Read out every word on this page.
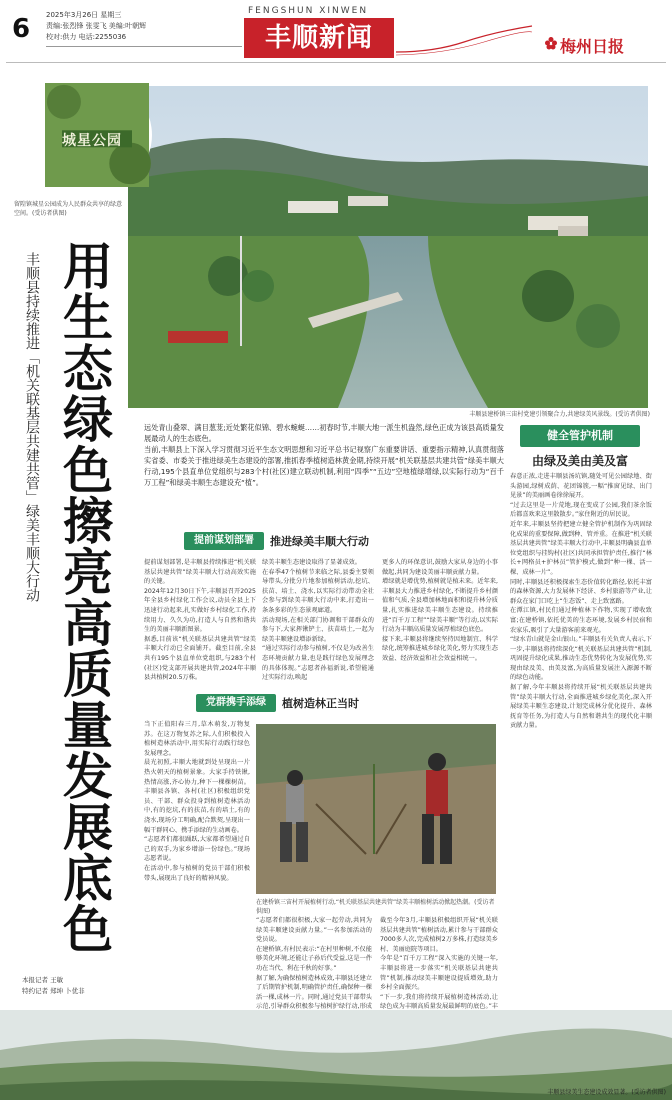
6 2025年3月26日 星期三
责编:张烈锋 张雯飞 美编:叶朝辉
校对:供力 电话:2255036
FENGSHUN XINWEN
丰顺新闻	梅州日报
丰顺县建桥镇三宙村党建引领聚合力,共建绿美风景线。(受访者供图)
城星公园
留隍镇城星公园成为人民群众共享的绿意空间。(受访者供图)
用生态绿色擦亮高质量发展底色
丰顺县持续推进「机关联基层共建共管」绿美丰顺大行动	远处青山叠翠、满目葱茏;近处繁花似锦、碧水蜿蜒……初春时节,丰顺大地一派生机盎然,绿色正成为该县高质量发展最动人的生态底色。
当前,丰顺县上下深入学习贯彻习近平生态文明思想和习近平总书记视察广东重要讲话、重要指示精神,认真贯彻落实省委、市委关于推进绿美生态建设的部署,推抓春季植树造林黄金期,持续开展“机关联基层共建共管”绿美丰顺大行动,195个县直单位党组织与283个村(社区)建立联动机制,利用“四季”“五边”空地植绿增绿,以实际行动为“百千万工程”和绿美丰顺生态建设充“植”。
提前谋划部署	推进绿美丰顺大行动
提前谋划部署,是丰顺县持续推进“机关联基层共建共管”绿美丰顺大行动高效实施的关键。
2024年12月30日下午,丰顺县召开2025年全县乡村绿化工作会议,动员全县上下迅速行动起来,扎实做好乡村绿化工作,持续用力、久久为功,打造人与自然和谐共生的美丽丰顺新图景。
据悉,目前该“机关联基层共建共管”绿美丰顺大行动已全面铺开。截至目前,全县共有195个县直单位党组织,与283个村(社区)党支部开展共建共管,2024年丰顺县共植树20.5万株。
绿美丰顺生态建设取得了显著成效。
在春季47个植树节来临之际,县委主要领导带头,分批分片地参加植树活动,挖坑、扶苗、培土、浇水,以实际行动带动全社会参与到绿美丰顺大行动中来,打造出一条条多彩的生态景观廊道。
活动现场,在相关部门协调和干部群众的参与下,大家挥锹铲土、扶苗培土,一起为绿美丰顺建设增添新绿。
“通过实际行动参与植树,不仅是为改善生态环境贡献力量,也是践行绿色发展理念的具体体现。”志愿者孙福新说,希望能通过实际行动,唤起
更多人的环保意识,鼓励大家从身边的小事做起,共同为建设美丽丰顺贡献力量。
增绿就是增优势,植树就是植未来。近年来,丰顺县大力推进乡村绿化,不断提升乡村颜值和气质,全县增加林地面积和提升林分质量,扎实推进绿美丰顺生态建设。持续推进“百千万工程”“绿美丰顺”等行动,以实际行动为丰顺高质量发展厚植绿色底色。
接下来,丰顺县将继续坚持因地制宜、科学绿化,统筹推进城乡绿化美化,努力实现生态效益、经济效益和社会效益相统一。
党群携手添绿	植树造林正当时
当下正值阳春三月,草木萌发,万物复苏。在这万物复苏之际,人们积极投入植树造林活动中,用实际行动践行绿色发展理念。
晨光初照,丰顺大地就到处呈现出一片热火朝天的植树景象。大家手持铁锹,热情高涨,齐心协力,种下一棵棵树苗。丰顺县各镇、各村(社区)积极组织党员、干部、群众投身到植树造林活动中,有的挖坑,有的扶苗,有的培土,有的浇水,现场分工明确,配合默契,呈现出一幅干群同心、携手添绿的生动画卷。
“志愿者们都很踊跃,大家都希望通过自己的双手,为家乡增添一份绿色。”现场志愿者说。
在活动中,参与植树的党员干部们积极带头,展现出了良好的精神风貌。
在建桥镇三宙村开展植树行动,“机关联基层共建共管”绿美丰顺植树活动掀起热潮。(受访者供图)
“志愿者们都很积极,大家一起劳动,共同为绿美丰顺建设贡献力量。”一名参加活动的党员说。
在建桥镇,有村民表示:“在村里种树,不仅能够美化环境,还能让子孙后代受益,这是一件功在当代、利在千秋的好事。”
据了解,为确保植树造林成效,丰顺县还建立了后期管护机制,明确管护责任,确保种一棵活一棵,成林一片。同时,通过党员干部带头示范,引导群众积极参与植树护绿行动,形成
截至今年3月,丰顺县积极组织开展“机关联基层共建共管”植树活动,累计参与干部群众7000多人次,完成植树2万多株,打造绿美乡村、美丽庭院等项目。
今年是“百千万工程”深入实施的关键一年,丰顺县将进一步落实“机关联基层共建共管”机制,推动绿美丰顺建设提质增效,助力乡村全面振兴。
“下一步,我们将持续开展植树造林活动,让绿色成为丰顺高质量发展最鲜明的底色。”丰
健全管护机制
由绿及美由美及富
春意正浓,走进丰顺县汤坑镇,随处可见公园绿地、街头游园,绿树成荫、花团锦簇,一幅“推窗见绿、出门见景”的美丽画卷徐徐展开。
“过去这里是一片荒地,现在变成了公园,我们茶余饭后都喜欢来这里散散步。”家住附近的居民说。
近年来,丰顺县坚持把建立健全管护机制作为巩固绿化成果的重要保障,做到种、管并重。在推进“机关联基层共建共管”绿美丰顺大行动中,丰顺县明确县直单位党组织与挂钩村(社区)共同承担管护责任,推行“林长+网格员+护林员”管护模式,做到“种一棵、活一棵、成林一片”。
同时,丰顺县还积极探索生态价值转化路径,依托丰富的森林资源,大力发展林下经济、乡村旅游等产业,让群众在家门口吃上“生态饭”、走上致富路。
在潭江镇,村民们通过种植林下作物,实现了增收致富;在建桥镇,依托优美的生态环境,发展乡村民宿和农家乐,吸引了大量游客前来观光。
“绿水青山就是金山银山。”丰顺县有关负责人表示,下一步,丰顺县将持续深化“机关联基层共建共管”机制,巩固提升绿化成果,推动生态优势转化为发展优势,实现由绿及美、由美及富,为高质量发展注入源源不断的绿色动能。
据了解,今年丰顺县将持续开展“机关联基层共建共管”绿美丰顺大行动,全面推进城乡绿化美化,深入开展绿美丰顺生态建设,计划完成林分优化提升、森林抚育等任务,为打造人与自然和谐共生的现代化丰顺贡献力量。
本报记者 王敏
特约记者 郑坤 卜优非
丰顺县绿美生态建设成效显著。(受访者供图)
